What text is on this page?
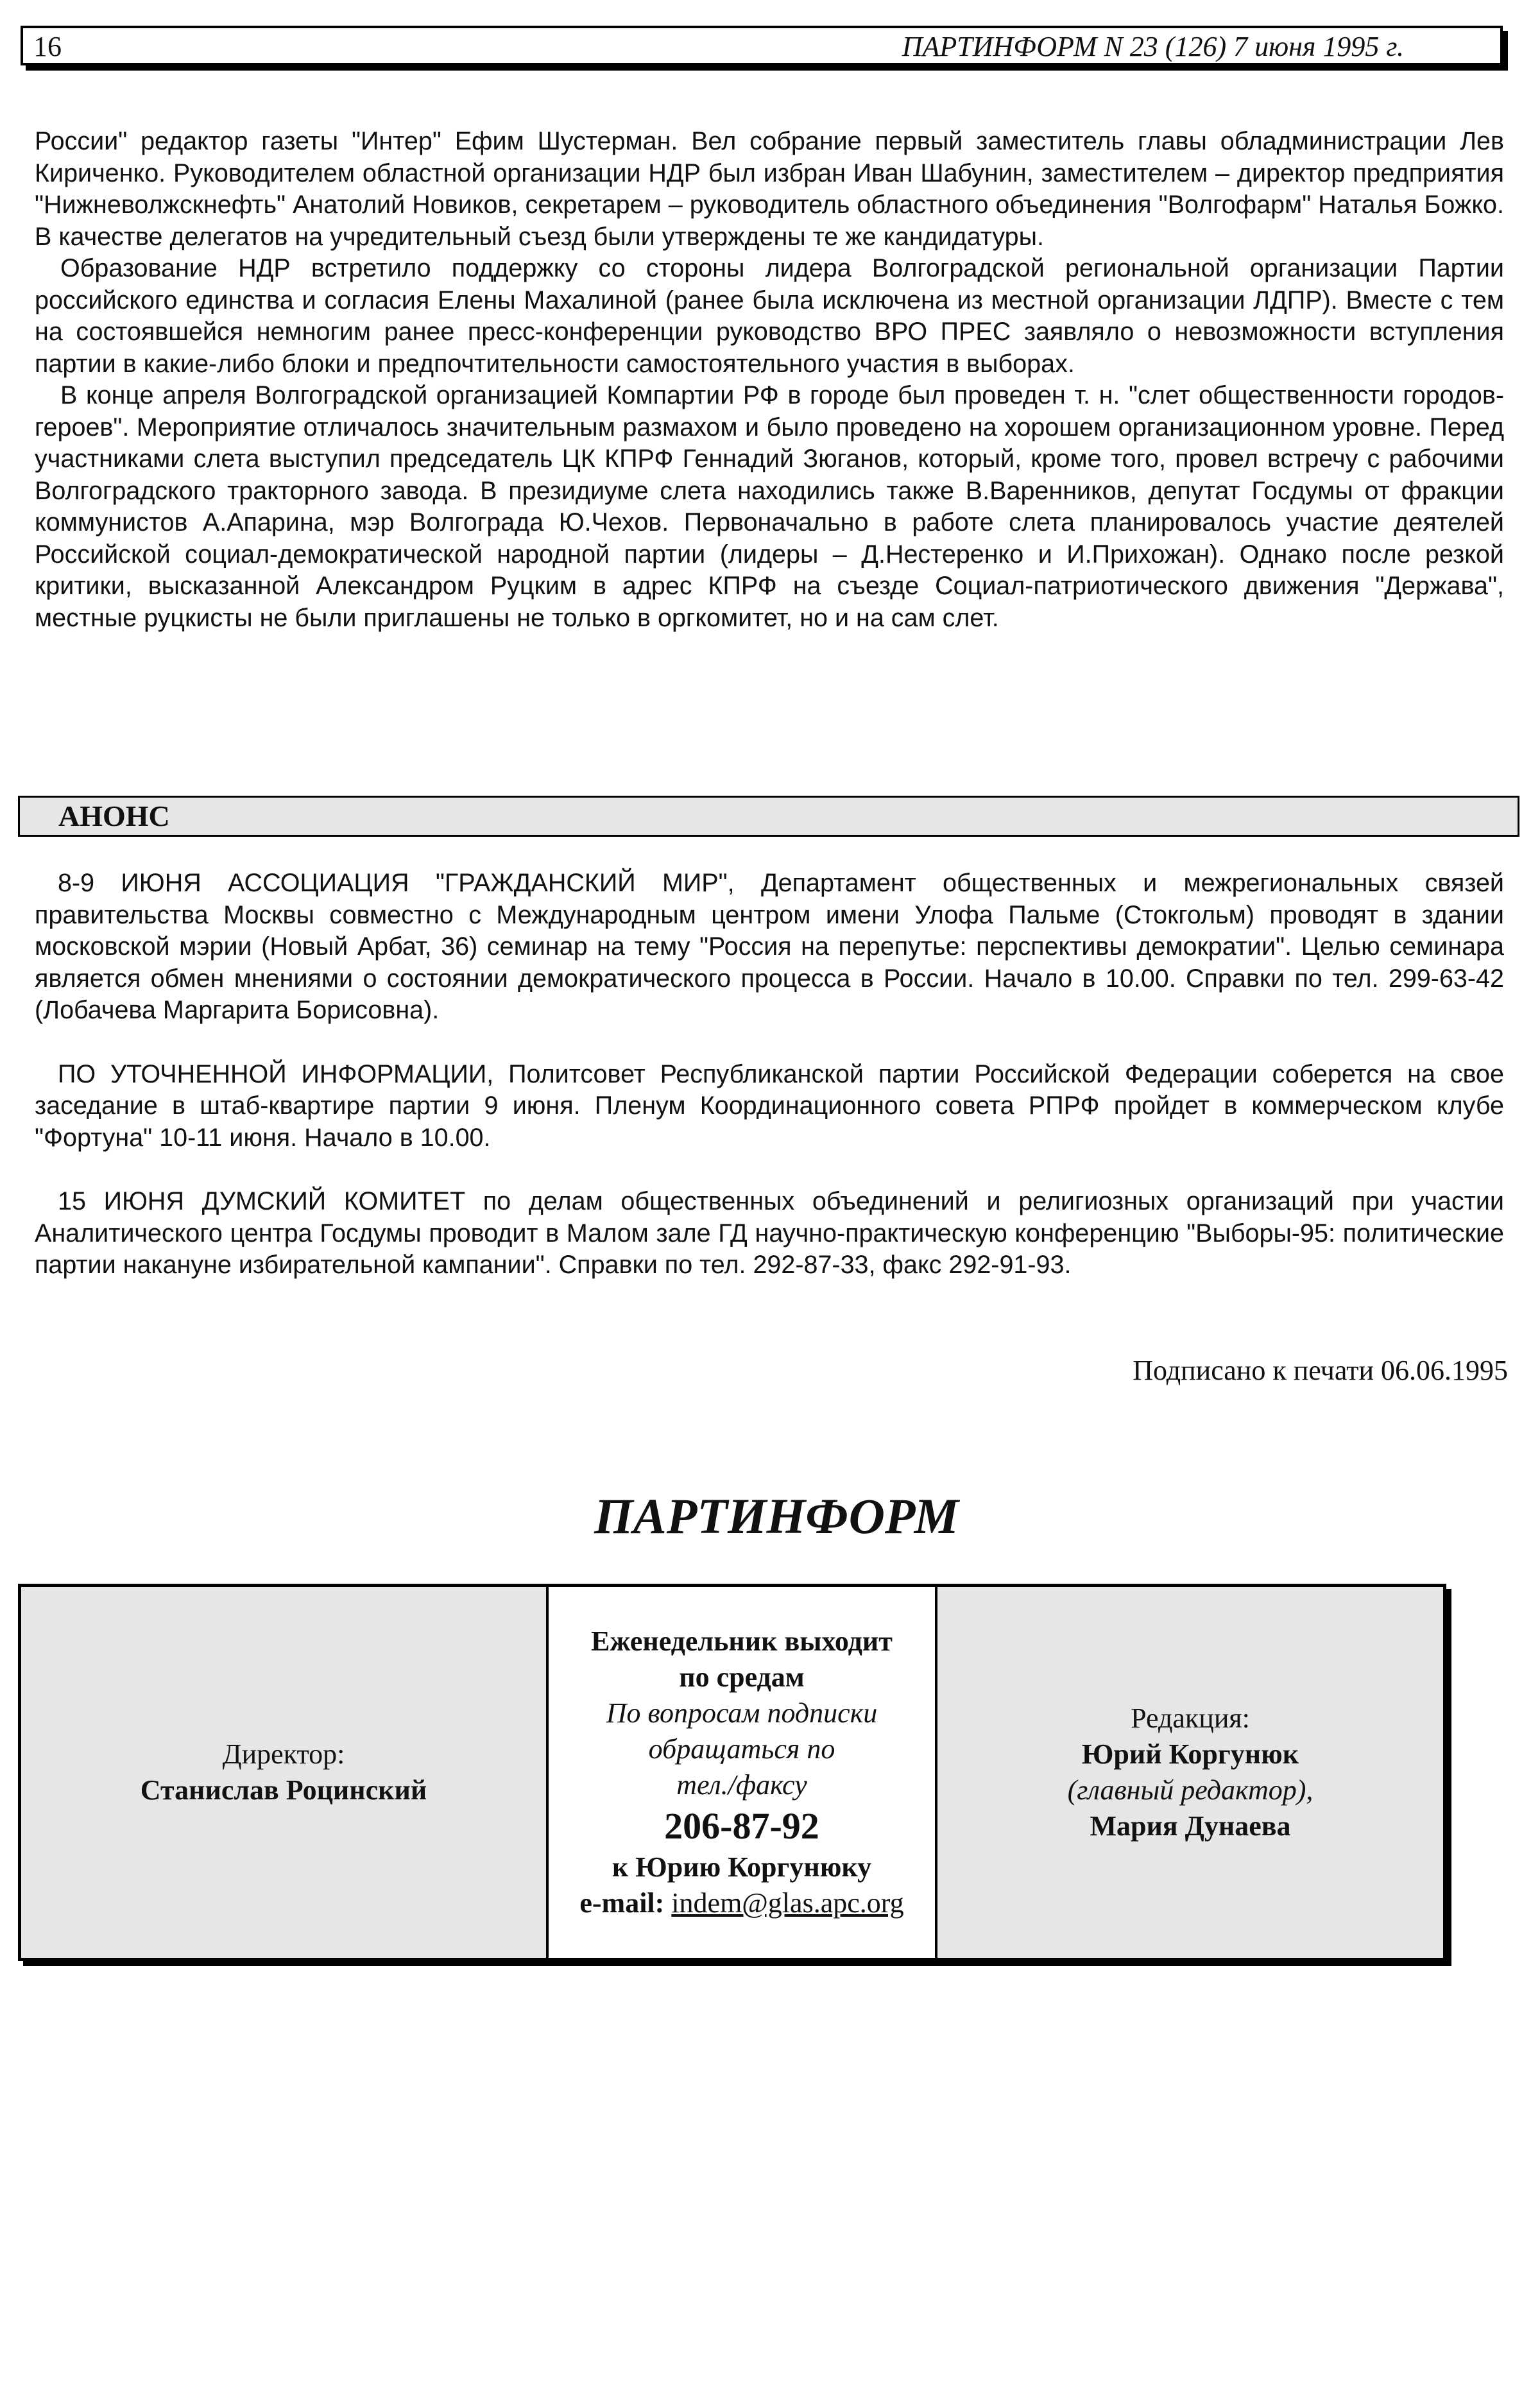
16	ПАРТИНФОРМ N 23 (126) 7 июня 1995 г.

России" редактор газеты "Интер" Ефим Шустерман. Вел собрание первый заместитель главы обладминистрации Лев Кириченко. Руководителем областной организации НДР был избран Иван Шабунин, заместителем – директор предприятия "Нижневолжскнефть" Анатолий Новиков, секретарем – руководитель областного объединения "Волгофарм" Наталья Божко. В качестве делегатов на учредительный съезд были утверждены те же кандидатуры.

Образование НДР встретило поддержку со стороны лидера Волгоградской региональной организации Партии российского единства и согласия Елены Махалиной (ранее была исключена из местной организации ЛДПР). Вместе с тем на состоявшейся немногим ранее пресс-конференции руководство ВРО ПРЕС заявляло о невозможности вступления партии в какие-либо блоки и предпочтительности самостоятельного участия в выборах.

В конце апреля Волгоградской организацией Компартии РФ в городе был проведен т. н. "слет общественности городов-героев". Мероприятие отличалось значительным размахом и было проведено на хорошем организационном уровне. Перед участниками слета выступил председатель ЦК КПРФ Геннадий Зюганов, который, кроме того, провел встречу с рабочими Волгоградского тракторного завода. В президиуме слета находились также В.Варенников, депутат Госдумы от фракции коммунистов А.Апарина, мэр Волгограда Ю.Чехов. Первоначально в работе слета планировалось участие деятелей Российской социал-демократической народной партии (лидеры – Д.Нестеренко и И.Прихожан). Однако после резкой критики, высказанной Александром Руцким в адрес КПРФ на съезде Социал-патриотического движения "Держава", местные руцкисты не были приглашены не только в оргкомитет, но и на сам слет.

АНОНС

8-9 ИЮНЯ АССОЦИАЦИЯ "ГРАЖДАНСКИЙ МИР", Департамент общественных и межрегиональных связей правительства Москвы совместно с Международным центром имени Улофа Пальме (Стокгольм) проводят в здании московской мэрии (Новый Арбат, 36) семинар на тему "Россия на перепутье: перспективы демократии". Целью семинара является обмен мнениями о состоянии демократического процесса в России. Начало в 10.00. Справки по тел. 299-63-42 (Лобачева Маргарита Борисовна).

ПО УТОЧНЕННОЙ ИНФОРМАЦИИ, Политсовет Республиканской партии Российской Федерации соберется на свое заседание в штаб-квартире партии 9 июня. Пленум Координационного совета РПРФ пройдет в коммерческом клубе "Фортуна" 10-11 июня. Начало в 10.00.

15 ИЮНЯ ДУМСКИЙ КОМИТЕТ по делам общественных объединений и религиозных организаций при участии Аналитического центра Госдумы проводит в Малом зале ГД научно-практическую конференцию "Выборы-95: политические партии накануне избирательной кампании". Справки по тел. 292-87-33, факс 292-91-93.

Подписано к печати 06.06.1995
ПАРТИНФОРМ
Директор:
Станислав Роцинский
Еженедельник выходит
по средам
По вопросам подписки
обращаться по
тел./факсу
206-87-92
к Юрию Коргунюку
e-mail: indem@glas.apc.org
Редакция:
Юрий Коргунюк
(главный редактор),
Мария Дунаева
